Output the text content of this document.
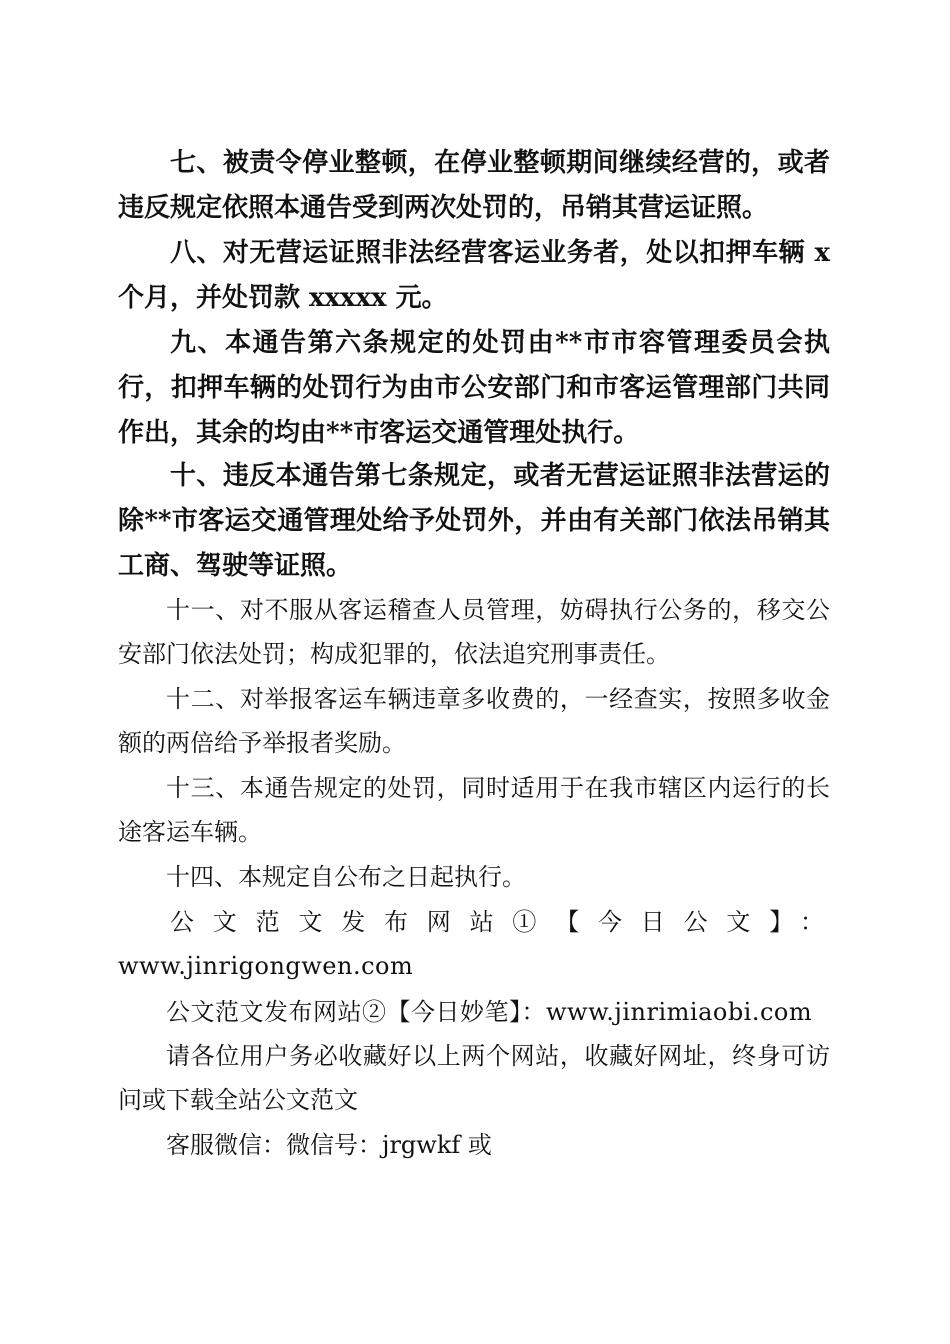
七、被责令停业整顿，在停业整顿期间继续经营的，或者违反规定依照本通告受到两次处罚的，吊销其营运证照。

八、对无营运证照非法经营客运业务者，处以扣押车辆 x 个月，并处罚款 xxxxx 元。

九、本通告第六条规定的处罚由**市市容管理委员会执行，扣押车辆的处罚行为由市公安部门和市客运管理部门共同作出，其余的均由**市客运交通管理处执行。

十、违反本通告第七条规定，或者无营运证照非法营运的除**市客运交通管理处给予处罚外，并由有关部门依法吊销其工商、驾驶等证照。

十一、对不服从客运稽查人员管理，妨碍执行公务的，移交公安部门依法处罚；构成犯罪的，依法追究刑事责任。

十二、对举报客运车辆违章多收费的，一经查实，按照多收金额的两倍给予举报者奖励。

十三、本通告规定的处罚，同时适用于在我市辖区内运行的长途客运车辆。

十四、本规定自公布之日起执行。

公文范文发布网站①【今日公文】：
www.jinrigongwen.com

公文范文发布网站②【今日妙笔】：www.jinrimiaobi.com

请各位用户务必收藏好以上两个网站，收藏好网址，终身可访问或下载全站公文范文

客服微信：微信号：jrgwkf 或
